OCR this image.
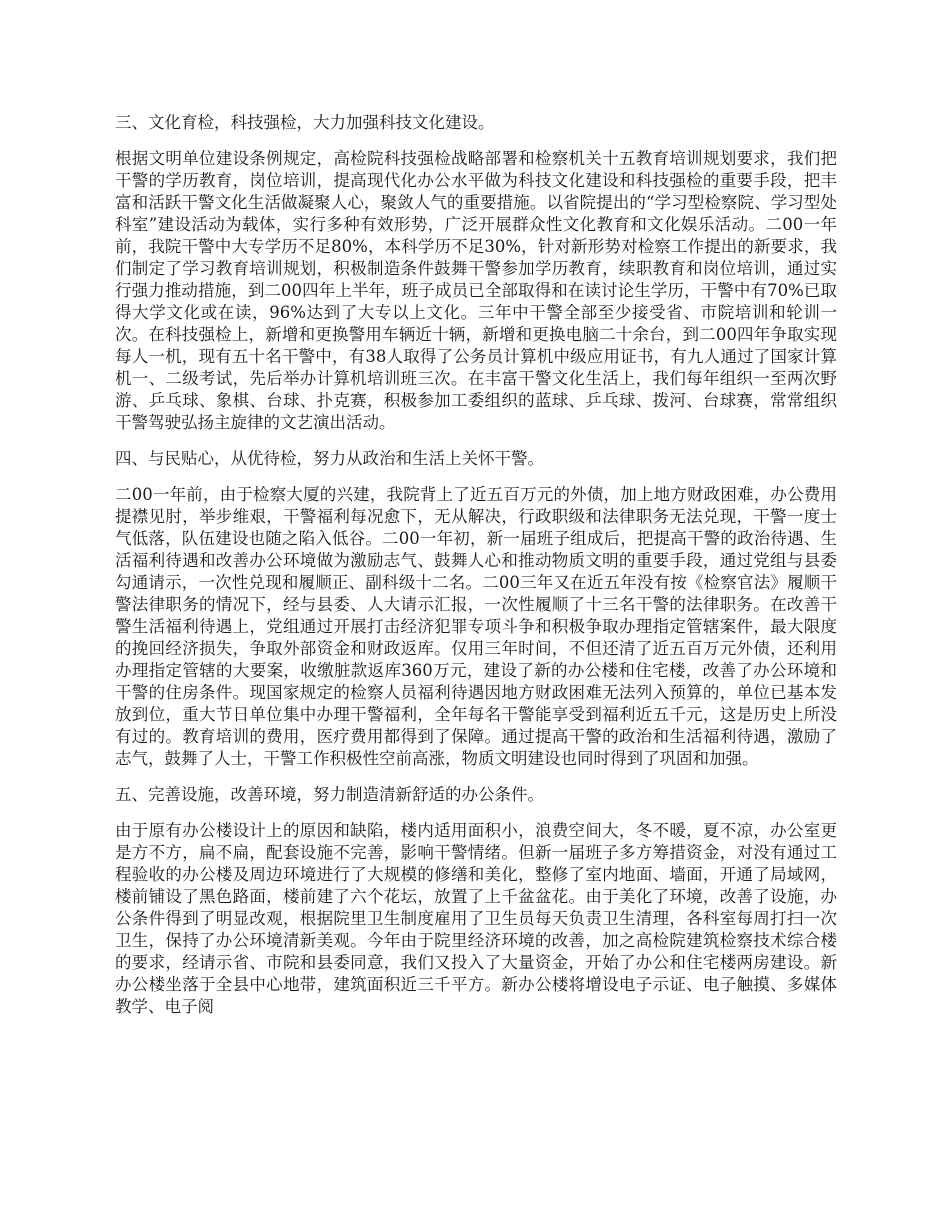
三、文化育检，科技强检，大力加强科技文化建设。

根据文明单位建设条例规定，高检院科技强检战略部署和检察机关十五教育培训规划要求，我们把干警的学历教育，岗位培训，提高现代化办公水平做为科技文化建设和科技强检的重要手段，把丰富和活跃干警文化生活做凝聚人心，聚敛人气的重要措施。以省院提出的“学习型检察院、学习型处科室”建设活动为载体，实行多种有效形势，广泛开展群众性文化教育和文化娱乐活动。二00一年前，我院干警中大专学历不足80%，本科学历不足30%，针对新形势对检察工作提出的新要求，我们制定了学习教育培训规划，积极制造条件鼓舞干警参加学历教育，续职教育和岗位培训，通过实行强力推动措施，到二00四年上半年，班子成员已全部取得和在读讨论生学历，干警中有70%已取得大学文化或在读，96%达到了大专以上文化。三年中干警全部至少接受省、市院培训和轮训一次。在科技强检上，新增和更换警用车辆近十辆，新增和更换电脑二十余台，到二00四年争取实现每人一机，现有五十名干警中，有38人取得了公务员计算机中级应用证书，有九人通过了国家计算机一、二级考试，先后举办计算机培训班三次。在丰富干警文化生活上，我们每年组织一至两次野游、乒乓球、象棋、台球、扑克赛，积极参加工委组织的蓝球、乒乓球、拨河、台球赛，常常组织干警驾驶弘扬主旋律的文艺演出活动。

四、与民贴心，从优待检，努力从政治和生活上关怀干警。

二00一年前，由于检察大厦的兴建，我院背上了近五百万元的外债，加上地方财政困难，办公费用提襟见肘，举步维艰，干警福利每况愈下，无从解决，行政职级和法律职务无法兑现，干警一度士气低落，队伍建设也随之陷入低谷。二00一年初，新一届班子组成后，把提高干警的政治待遇、生活福利待遇和改善办公环境做为激励志气、鼓舞人心和推动物质文明的重要手段，通过党组与县委勾通请示，一次性兑现和履顺正、副科级十二名。二00三年又在近五年没有按《检察官法》履顺干警法律职务的情况下，经与县委、人大请示汇报，一次性履顺了十三名干警的法律职务。在改善干警生活福利待遇上，党组通过开展打击经济犯罪专项斗争和积极争取办理指定管辖案件，最大限度的挽回经济损失，争取外部资金和财政返库。仅用三年时间，不但还清了近五百万元外债，还利用办理指定管辖的大要案，收缴脏款返库360万元，建设了新的办公楼和住宅楼，改善了办公环境和干警的住房条件。现国家规定的检察人员福利待遇因地方财政困难无法列入预算的，单位已基本发放到位，重大节日单位集中办理干警福利，全年每名干警能享受到福利近五千元，这是历史上所没有过的。教育培训的费用，医疗费用都得到了保障。通过提高干警的政治和生活福利待遇，激励了志气，鼓舞了人士，干警工作积极性空前高涨，物质文明建设也同时得到了巩固和加强。

五、完善设施，改善环境，努力制造清新舒适的办公条件。

由于原有办公楼设计上的原因和缺陷，楼内适用面积小，浪费空间大，冬不暖，夏不凉，办公室更是方不方，扁不扁，配套设施不完善，影响干警情绪。但新一届班子多方筹措资金，对没有通过工程验收的办公楼及周边环境进行了大规模的修缮和美化，整修了室内地面、墙面，开通了局域网，楼前铺设了黑色路面，楼前建了六个花坛，放置了上千盆盆花。由于美化了环境，改善了设施，办公条件得到了明显改观，根据院里卫生制度雇用了卫生员每天负责卫生清理，各科室每周打扫一次卫生，保持了办公环境清新美观。今年由于院里经济环境的改善，加之高检院建筑检察技术综合楼的要求，经请示省、市院和县委同意，我们又投入了大量资金，开始了办公和住宅楼两房建设。新办公楼坐落于全县中心地带，建筑面积近三千平方。新办公楼将增设电子示证、电子触摸、多媒体教学、电子阅
